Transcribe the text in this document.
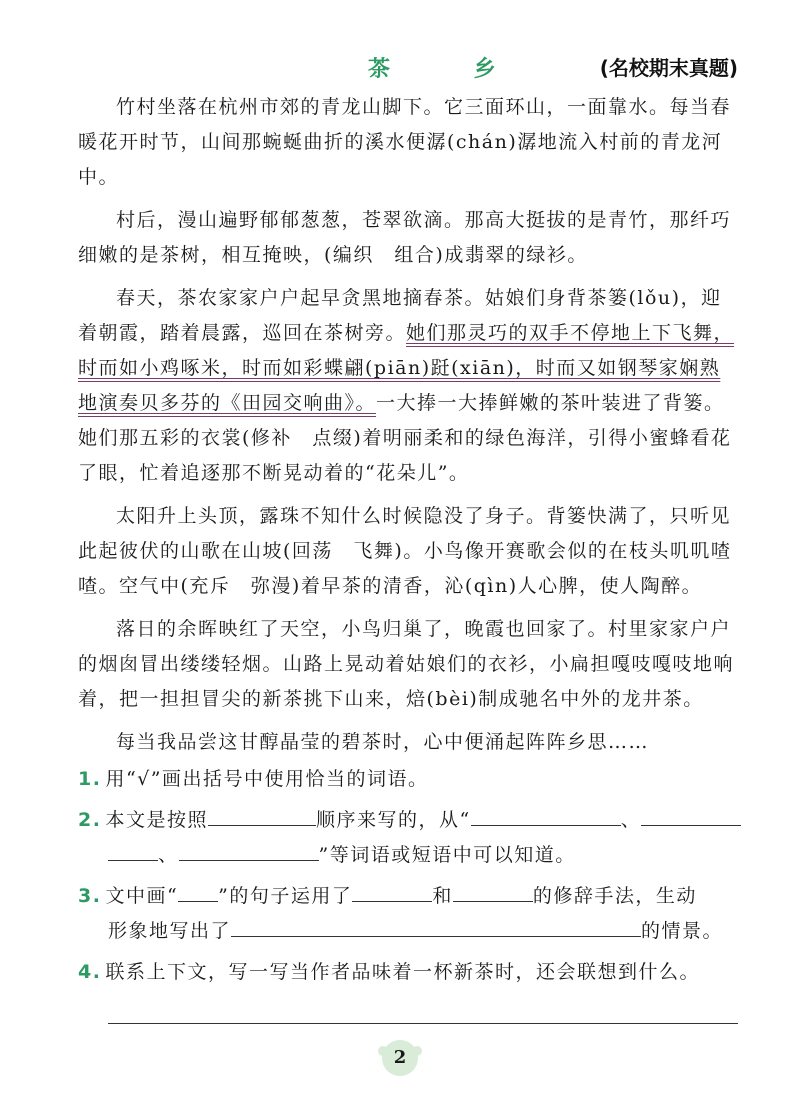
茶 乡	(名校期末真题)

竹村坐落在杭州市郊的青龙山脚下。它三面环山，一面靠水。每当春暖花开时节，山间那蜿蜒曲折的溪水便潺(chán)潺地流入村前的青龙河中。

村后，漫山遍野郁郁葱葱，苍翠欲滴。那高大挺拔的是青竹，那纤巧细嫩的是茶树，相互掩映，(编织　组合)成翡翠的绿衫。

春天，茶农家家户户起早贪黑地摘春茶。姑娘们身背茶篓(lǒu)，迎着朝霞，踏着晨露，巡回在茶树旁。她们那灵巧的双手不停地上下飞舞，时而如小鸡啄米，时而如彩蝶翩(piān)跹(xiān)，时而又如钢琴家娴熟地演奏贝多芬的《田园交响曲》。一大捧一大捧鲜嫩的茶叶装进了背篓。她们那五彩的衣裳(修补　点缀)着明丽柔和的绿色海洋，引得小蜜蜂看花了眼，忙着追逐那不断晃动着的“花朵儿”。

太阳升上头顶，露珠不知什么时候隐没了身子。背篓快满了，只听见此起彼伏的山歌在山坡(回荡　飞舞)。小鸟像开赛歌会似的在枝头叽叽喳喳。空气中(充斥　弥漫)着早茶的清香，沁(qìn)人心脾，使人陶醉。

落日的余晖映红了天空，小鸟归巢了，晚霞也回家了。村里家家户户的烟囱冒出缕缕轻烟。山路上晃动着姑娘们的衣衫，小扁担嘎吱嘎吱地响着，把一担担冒尖的新茶挑下山来，焙(bèi)制成驰名中外的龙井茶。

每当我品尝这甘醇晶莹的碧茶时，心中便涌起阵阵乡思……

1. 用“√”画出括号中使用恰当的词语。
2. 本文是按照	顺序来写的，从“	、
、	”等词语或短语中可以知道。
3. 文中画“ ”的句子运用了	和	的修辞手法，生动
形象地写出了	的情景。
4. 联系上下文，写一写当作者品味着一杯新茶时，还会联想到什么。
2
